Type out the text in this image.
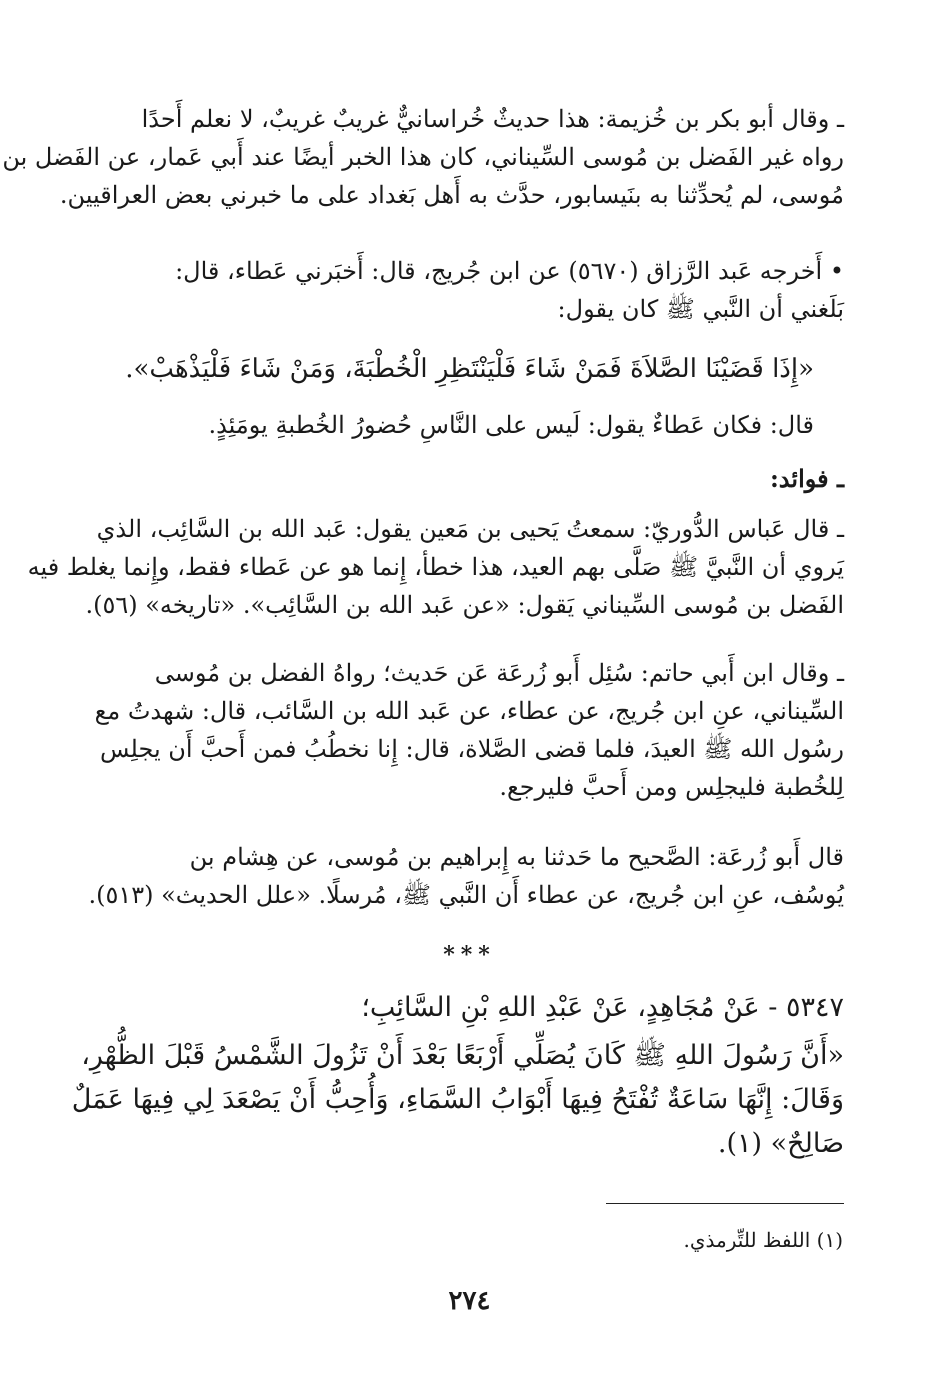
ـ وقال أبو بكر بن خُزيمة: هذا حديثٌ خُراسانيٌّ غريبٌ غريبٌ، لا نعلم أَحدًا
رواه غير الفَضل بن مُوسى السِّيناني، كان هذا الخبر أيضًا عند أَبي عَمار، عن الفَضل بن
مُوسى، لم يُحدِّثنا به بنَيسابور، حدَّث به أَهل بَغداد على ما خبرني بعض العراقيين.
• أَخرجه عَبد الرَّزاق (٥٦٧٠) عن ابن جُريج، قال: أَخبَرني عَطاء، قال:
بَلَغني أن النَّبي ﷺ كان يقول:
«إِذَا قَضَيْنَا الصَّلاَةَ فَمَنْ شَاءَ فَلْيَنْتَظِرِ الْخُطْبَةَ، وَمَنْ شَاءَ فَلْيَذْهَبْ».
قال: فكان عَطاءٌ يقول: لَيس على النَّاسِ حُضورُ الخُطبةِ يومَئِذٍ.
ـ فوائد:
ـ قال عَباس الدُّوريّ: سمعتُ يَحيى بن مَعين يقول: عَبد الله بن السَّائِب، الذي
يَروي أن النَّبيَّ ﷺ صَلَّى بهم العيد، هذا خطأ، إِنما هو عن عَطاء فقط، وإِنما يغلط فيه
الفَضل بن مُوسى السِّيناني يَقول: «عن عَبد الله بن السَّائِب». «تاريخه» (٥٦).
ـ وقال ابن أَبي حاتم: سُئِل أَبو زُرعَة عَن حَديث؛ رواهُ الفضل بن مُوسى
السِّيناني، عنِ ابن جُريج، عن عطاء، عن عَبد الله بن السَّائب، قال: شهدتُ مع
رسُول الله ﷺ العيدَ، فلما قضى الصَّلاة، قال: إِنا نخطُبُ فمن أَحبَّ أَن يجلِس
لِلخُطبة فليجلِس ومن أَحبَّ فليرجع.
قال أَبو زُرعَة: الصَّحيح ما حَدثنا به إِبراهيم بن مُوسى، عن هِشام بن
يُوسُف، عنِ ابن جُريج، عن عطاء أَن النَّبي ﷺ، مُرسلًا. «علل الحديث» (٥١٣).
***
٥٣٤٧ - عَنْ مُجَاهِدٍ، عَنْ عَبْدِ اللهِ بْنِ السَّائِبِ؛
«أَنَّ رَسُولَ اللهِ ﷺ كَانَ يُصَلِّي أَرْبَعًا بَعْدَ أَنْ تَزُولَ الشَّمْسُ قَبْلَ الظُّهْرِ،
وَقَالَ: إِنَّهَا سَاعَةٌ تُفْتَحُ فِيهَا أَبْوَابُ السَّمَاءِ، وَأُحِبُّ أَنْ يَصْعَدَ لِي فِيهَا عَمَلٌ
صَالِحٌ» (١).
(١) اللفظ للتِّرمذي.
٢٧٤
